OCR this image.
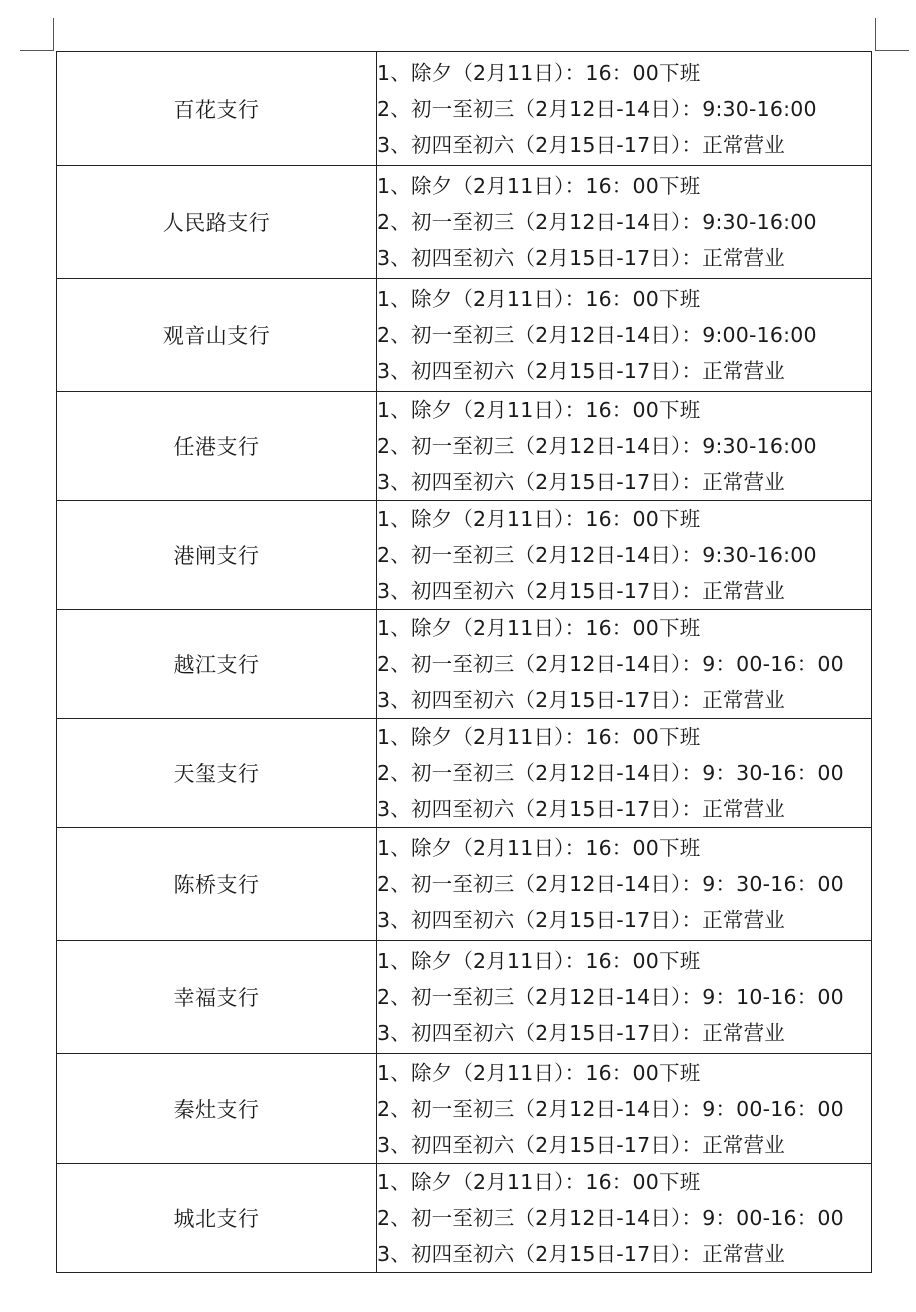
百花支行	1、除夕（2月11日）：16：00下班
2、初一至初三（2月12日-14日）：9:30-16:00
3、初四至初六（2月15日-17日）：正常营业

人民路支行	1、除夕（2月11日）：16：00下班
2、初一至初三（2月12日-14日）：9:30-16:00
3、初四至初六（2月15日-17日）：正常营业

观音山支行	1、除夕（2月11日）：16：00下班
2、初一至初三（2月12日-14日）：9:00-16:00
3、初四至初六（2月15日-17日）：正常营业

任港支行	1、除夕（2月11日）：16：00下班
2、初一至初三（2月12日-14日）：9:30-16:00
3、初四至初六（2月15日-17日）：正常营业

港闸支行	1、除夕（2月11日）：16：00下班
2、初一至初三（2月12日-14日）：9:30-16:00
3、初四至初六（2月15日-17日）：正常营业

越江支行	1、除夕（2月11日）：16：00下班
2、初一至初三（2月12日-14日）：9：00-16：00
3、初四至初六（2月15日-17日）：正常营业

天玺支行	1、除夕（2月11日）：16：00下班
2、初一至初三（2月12日-14日）：9：30-16：00
3、初四至初六（2月15日-17日）：正常营业

陈桥支行	1、除夕（2月11日）：16：00下班
2、初一至初三（2月12日-14日）：9：30-16：00
3、初四至初六（2月15日-17日）：正常营业

幸福支行	1、除夕（2月11日）：16：00下班
2、初一至初三（2月12日-14日）：9：10-16：00
3、初四至初六（2月15日-17日）：正常营业

秦灶支行	1、除夕（2月11日）：16：00下班
2、初一至初三（2月12日-14日）：9：00-16：00
3、初四至初六（2月15日-17日）：正常营业

城北支行	1、除夕（2月11日）：16：00下班
2、初一至初三（2月12日-14日）：9：00-16：00
3、初四至初六（2月15日-17日）：正常营业
